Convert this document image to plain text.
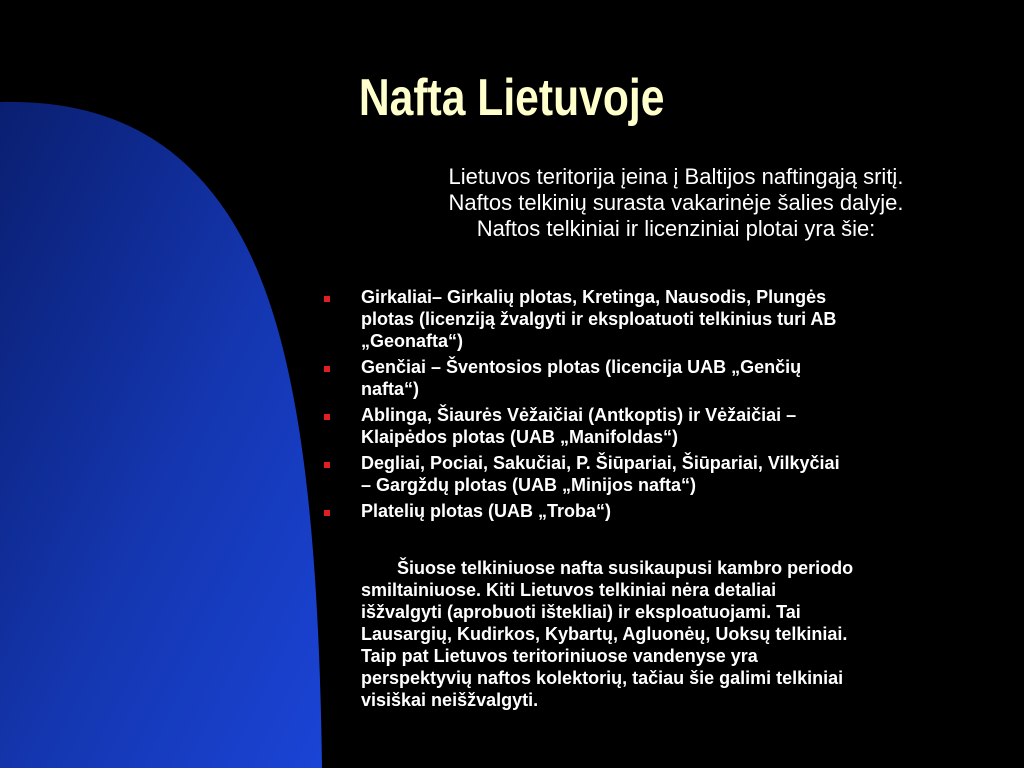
Nafta Lietuvoje
Lietuvos teritorija įeina į Baltijos naftingąją sritį.
Naftos telkinių surasta vakarinėje šalies dalyje.
Naftos telkiniai ir licenziniai plotai yra šie:
Girkaliai– Girkalių plotas, Kretinga, Nausodis, Plungės
plotas (licenziją žvalgyti ir eksploatuoti telkinius turi AB
„Geonafta“)
Genčiai – Šventosios plotas (licencija UAB „Genčių
nafta“)
Ablinga, Šiaurės Vėžaičiai (Antkoptis) ir Vėžaičiai –
Klaipėdos plotas (UAB „Manifoldas“)
Degliai, Pociai, Sakučiai, P. Šiūpariai, Šiūpariai, Vilkyčiai
– Gargždų plotas (UAB „Minijos nafta“)
Platelių plotas (UAB „Troba“)
Šiuose telkiniuose nafta susikaupusi kambro periodo
smiltainiuose. Kiti Lietuvos telkiniai nėra detaliai
išžvalgyti (aprobuoti ištekliai) ir eksploatuojami. Tai
Lausargių, Kudirkos, Kybartų, Agluonėų, Uoksų telkiniai.
Taip pat Lietuvos teritoriniuose vandenyse yra
perspektyvių naftos kolektorių, tačiau šie galimi telkiniai
visiškai neišžvalgyti.
